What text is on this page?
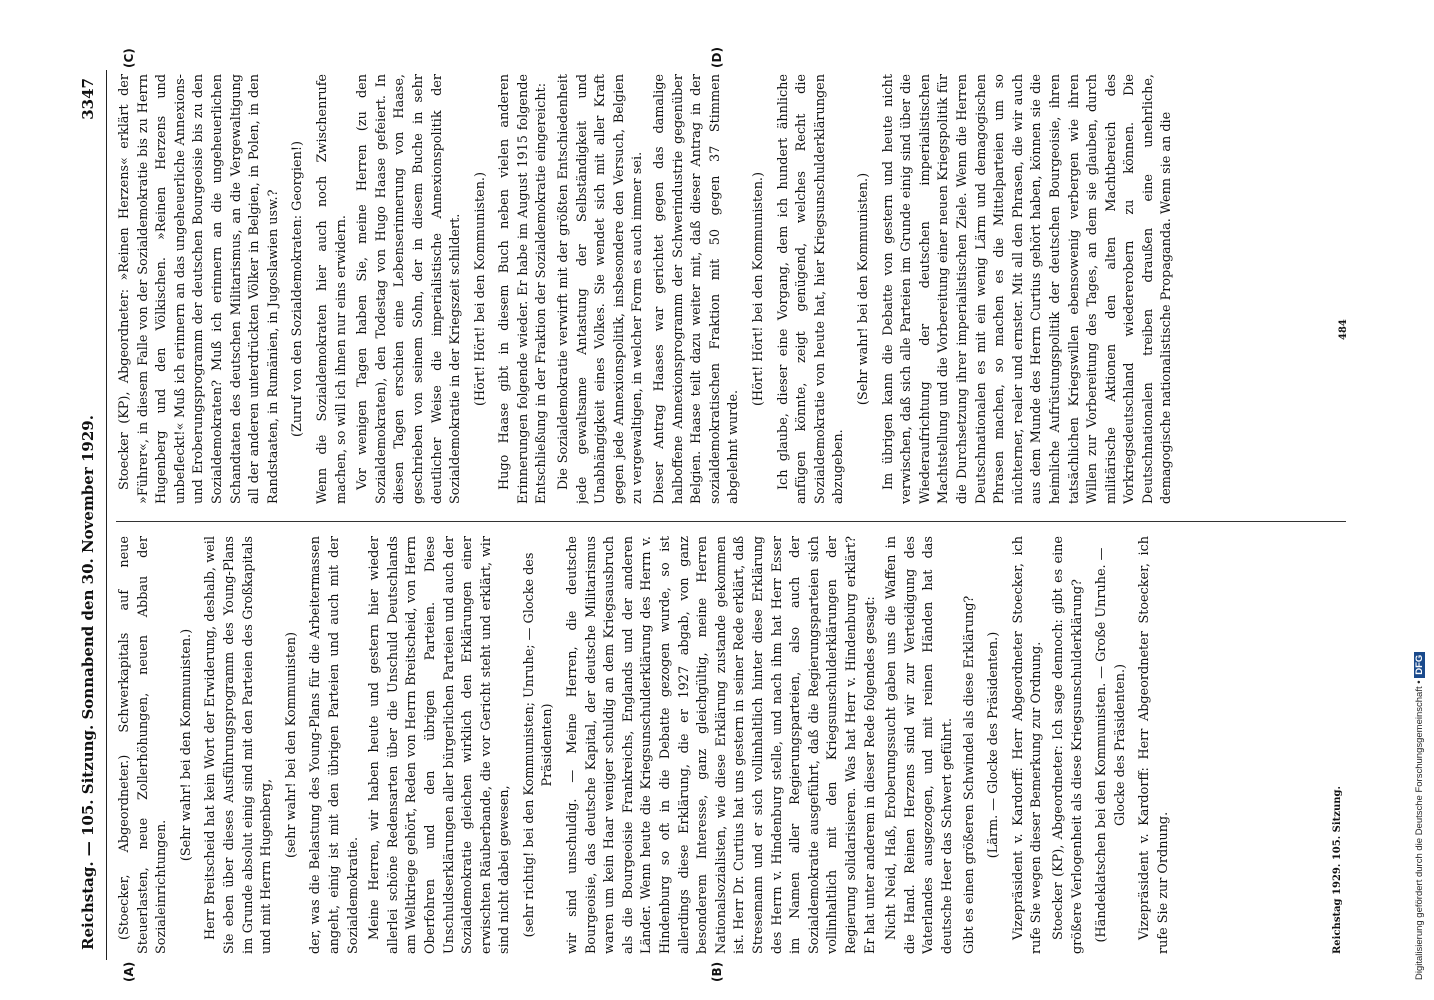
Reichstag. — 105. Sitzung. Sonnabend den 30. November 1929.
3347
(A)	(B)
(C)	(D)

(Stoecker, Abgeordneter.) Schwerkapitals auf neue Steuerlasten, neue Zollerhöhungen, neuen Abbau der Sozialeinrichtungen.

(Sehr wahr! bei den Kommunisten.) Herr Breitscheid hat kein Wort der Erwiderung, deshalb, weil Sie eben über dieses Ausführungsprogramm des Young-Plans im Grunde absolut einig sind mit den Parteien des Großkapitals und mit Herrn Hugenberg,

(sehr wahr! bei den Kommunisten) der, was die Belastung des Young-Plans für die Arbeitermassen angeht, einig ist mit den übrigen Parteien und auch mit der Sozialdemokratie. Meine Herren, wir haben heute und gestern hier wieder allerlei schöne Redensarten über die Unschuld Deutschlands am Weltkriege gehört, Reden von Herrn Breitscheid, von Herrn Oberfohren und den übrigen Parteien. Diese Unschuldserklärungen aller bürgerlichen Parteien und auch der Sozialdemokratie gleichen wirklich den Erklärungen einer erwischten Räuberbande, die vor Gericht steht und erklärt, wir sind nicht dabei gewesen, (sehr richtig! bei den Kommunisten; Unruhe; — Glocke des Präsidenten) wir sind unschuldig. — Meine Herren, die deutsche Bourgeoisie, das deutsche Kapital, der deutsche Militarismus waren um kein Haar weniger schuldig an dem Kriegsausbruch als die Bourgeoisie Frankreichs, Englands und der anderen Länder. Wenn heute die Kriegsunschulderklärung des Herrn v. Hindenburg so oft in die Debatte gezogen wurde, so ist allerdings diese Erklärung, die er 1927 abgab, von ganz besonderem Interesse, ganz gleichgültig, meine Herren Nationalsozialisten, wie diese Erklärung zustande gekommen ist. Herr Dr. Curtius hat uns gestern in seiner Rede erklärt, daß Stresemann und er sich vollinhaltlich hinter diese Erklärung des Herrn v. Hindenburg stelle, und nach ihm hat Herr Esser im Namen aller Regierungsparteien, also auch der Sozialdemokratie ausgeführt, daß die Regierungsparteien sich vollinhaltlich mit den Kriegsunschulderklärungen der Regierung solidarisieren. Was hat Herr v. Hindenburg erklärt? Er hat unter anderem in dieser Rede folgendes gesagt: Nicht Neid, Haß, Eroberungssucht gaben uns die Waffen in die Hand. Reinen Herzens sind wir zur Verteidigung des Vaterlandes ausgezogen, und mit reinen Händen hat das deutsche Heer das Schwert geführt. Gibt es einen größeren Schwindel als diese Erklärung? (Lärm. — Glocke des Präsidenten.) Vizepräsident v. Kardorff: Herr Abgeordneter Stoecker, ich rufe Sie wegen dieser Bemerkung zur Ordnung. Stoecker (KP), Abgeordneter: Ich sage dennoch: gibt es eine größere Verlogenheit als diese Kriegsunschulderklärung? (Händeklatschen bei den Kommunisten. — Große Unruhe. — Glocke des Präsidenten.) Vizepräsident v. Kardorff: Herr Abgeordneter Stoecker, ich rufe Sie zur Ordnung.

Stoecker (KP), Abgeordneter: »Reinen Herzens« erklärt der »Führer«, in diesem Falle von der Sozialdemokratie bis zu Herrn Hugenberg und den Völkischen. »Reinen Herzens und unbefleckt!« Muß ich erinnern an das ungeheuerliche Annexions- und Eroberungsprogramm der deutschen Bourgeoisie bis zu den Sozialdemokraten? Muß ich erinnern an die ungeheuerlichen Schandtaten des deutschen Militarismus, an die Vergewaltigung all der anderen unterdrückten Völker in Belgien, in Polen, in den Randstaaten, in Rumänien, in Jugoslawien usw.? (Zuruf von den Sozialdemokraten: Georgien!) Wenn die Sozialdemokraten hier auch noch Zwischenrufe machen, so will ich ihnen nur eins erwidern. Vor wenigen Tagen haben Sie, meine Herren (zu den Sozialdemokraten), den Todestag von Hugo Haase gefeiert. In diesen Tagen erschien eine Lebenserinnerung von Haase, geschrieben von seinem Sohn, der in diesem Buche in sehr deutlicher Weise die imperialistische Annexionspolitik der Sozialdemokratie in der Kriegszeit schildert. (Hört! Hört! bei den Kommunisten.) Hugo Haase gibt in diesem Buch neben vielen anderen Erinnerungen folgende wieder. Er habe im August 1915 folgende Entschließung in der Fraktion der Sozialdemokratie eingereicht: Die Sozialdemokratie verwirft mit der größten Entschiedenheit jede gewaltsame Antastung der Selbständigkeit und Unabhängigkeit eines Volkes. Sie wendet sich mit aller Kraft gegen jede Annexionspolitik, insbesondere den Versuch, Belgien zu vergewaltigen, in welcher Form es auch immer sei. Dieser Antrag Haases war gerichtet gegen das damalige halboffene Annexionsprogramm der Schwerindustrie gegenüber Belgien. Haase teilt dazu weiter mit, daß dieser Antrag in der sozialdemokratischen Fraktion mit 50 gegen 37 Stimmen abgelehnt wurde.

(Hört! Hört! bei den Kommunisten.) Ich glaube, dieser eine Vorgang, dem ich hundert ähnliche anfügen könnte, zeigt genügend, welches Recht die Sozialdemokratie von heute hat, hier Kriegsunschulderklärungen abzugeben.

(Sehr wahr! bei den Kommunisten.) Im übrigen kann die Debatte von gestern und heute nicht verwischen, daß sich alle Parteien im Grunde einig sind über die Wiederaufrichtung der deutschen imperialistischen Machtstellung und die Vorbereitung einer neuen Kriegspolitik für die Durchsetzung ihrer imperialistischen Ziele. Wenn die Herren Deutschnationalen es mit ein wenig Lärm und demagogischen Phrasen machen, so machen es die Mittelparteien um so nüchterner, realer und ernster. Mit all den Phrasen, die wir auch aus dem Munde des Herrn Curtius gehört haben, können sie die heimliche Aufrüstungspolitik der deutschen Bourgeoisie, ihren tatsächlichen Kriegswillen ebensowenig verbergen wie ihren Willen zur Vorbereitung des Tages, an dem sie glauben, durch militärische Aktionen den alten Machtbereich des Vorkriegsdeutschland wiedererobern zu können. Die Deutschnationalen treiben draußen eine unehrliche, demagogische nationalistische Propaganda. Wenn sie an die

Reichstag 1929. 105. Sitzung.
484
Digitalisierung gefördert durch die Deutsche Forschungsgemeinschaft • DFG
